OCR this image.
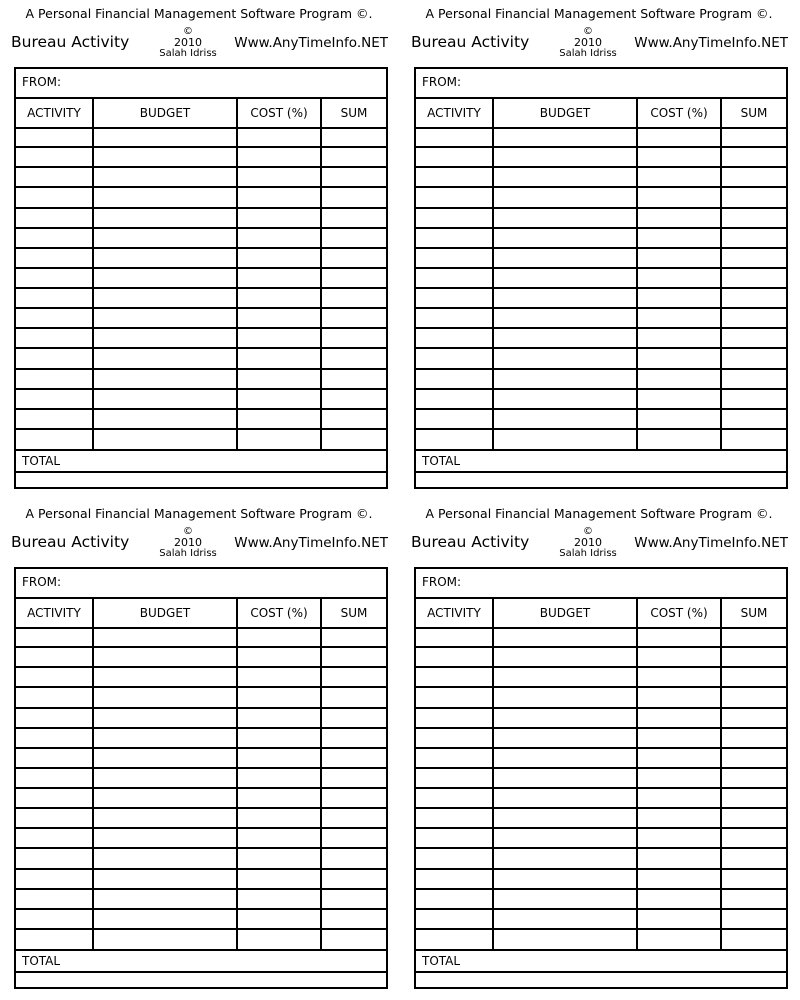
A Personal Financial Management Software Program ©.
Bureau Activity
©
2010
Salah Idriss
Www.AnyTimeInfo.NET
FROM:
ACTIVITY	BUDGET	COST (%)	SUM
TOTAL
A Personal Financial Management Software Program ©.
Bureau Activity
©
2010
Salah Idriss
Www.AnyTimeInfo.NET
FROM:
ACTIVITY	BUDGET	COST (%)	SUM
TOTAL
A Personal Financial Management Software Program ©.
Bureau Activity
©
2010
Salah Idriss
Www.AnyTimeInfo.NET
FROM:
ACTIVITY	BUDGET	COST (%)	SUM
TOTAL
A Personal Financial Management Software Program ©.
Bureau Activity
©
2010
Salah Idriss
Www.AnyTimeInfo.NET
FROM:
ACTIVITY	BUDGET	COST (%)	SUM
TOTAL
